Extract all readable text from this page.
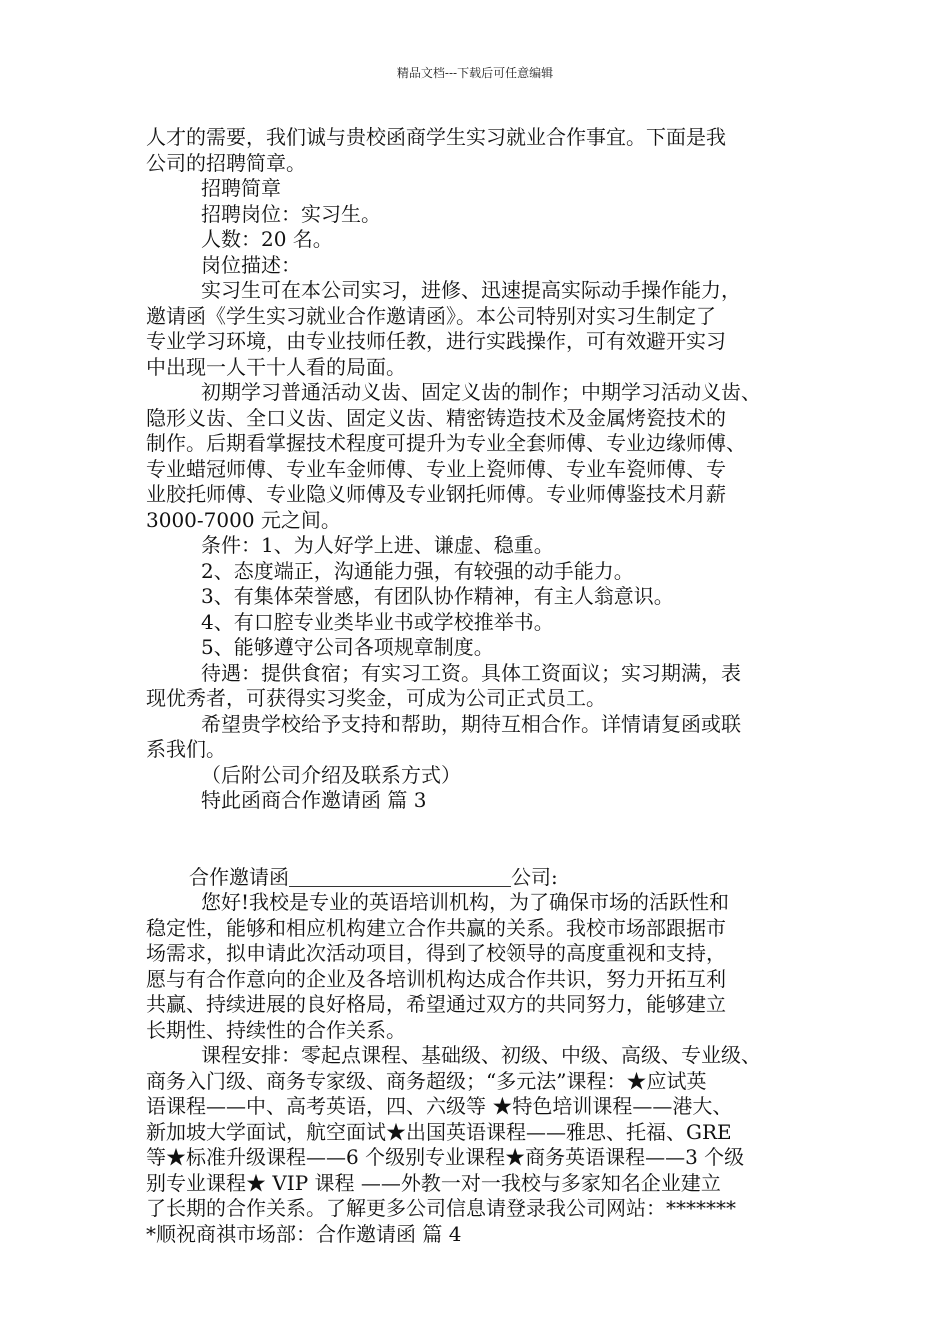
精品文档---下载后可任意编辑

人才的需要，我们诚与贵校函商学生实习就业合作事宜。下面是我

公司的招聘简章。

招聘简章

招聘岗位：实习生。

人数：20 名。

岗位描述：

实习生可在本公司实习，进修、迅速提高实际动手操作能力，

邀请函《学生实习就业合作邀请函》。本公司特别对实习生制定了

专业学习环境，由专业技师任教，进行实践操作，可有效避开实习

中出现一人干十人看的局面。

初期学习普通活动义齿、固定义齿的制作；中期学习活动义齿、

隐形义齿、全口义齿、固定义齿、精密铸造技术及金属烤瓷技术的

制作。后期看掌握技术程度可提升为专业全套师傅、专业边缘师傅、

专业蜡冠师傅、专业车金师傅、专业上瓷师傅、专业车瓷师傅、专

业胶托师傅、专业隐义师傅及专业钢托师傅。专业师傅鉴技术月薪

3000-7000 元之间。

条件：1、为人好学上进、谦虚、稳重。

2、态度端正，沟通能力强，有较强的动手能力。

3、有集体荣誉感，有团队协作精神，有主人翁意识。

4、有口腔专业类毕业书或学校推举书。

5、能够遵守公司各项规章制度。

待遇：提供食宿；有实习工资。具体工资面议；实习期满，表

现优秀者，可获得实习奖金，可成为公司正式员工。

希望贵学校给予支持和帮助，期待互相合作。详情请复函或联

系我们。

（后附公司介绍及联系方式）

特此函商合作邀请函 篇 3

合作邀请函	公司:

您好!我校是专业的英语培训机构，为了确保市场的活跃性和

稳定性，能够和相应机构建立合作共赢的关系。我校市场部跟据市

场需求，拟申请此次活动项目，得到了校领导的高度重视和支持，

愿与有合作意向的企业及各培训机构达成合作共识，努力开拓互利

共赢、持续进展的良好格局，希望通过双方的共同努力，能够建立

长期性、持续性的合作关系。

课程安排：零起点课程、基础级、初级、中级、高级、专业级、

商务入门级、商务专家级、商务超级；“多元法”课程：★应试英

语课程——中、高考英语，四、六级等 ★特色培训课程——港大、

新加坡大学面试，航空面试★出国英语课程——雅思、托福、GRE

等★标准升级课程——6 个级别专业课程★商务英语课程——3 个级

别专业课程★ VIP 课程 ——外教一对一我校与多家知名企业建立

了长期的合作关系。了解更多公司信息请登录我公司网站：*******

*顺祝商祺市场部：合作邀请函 篇 4
